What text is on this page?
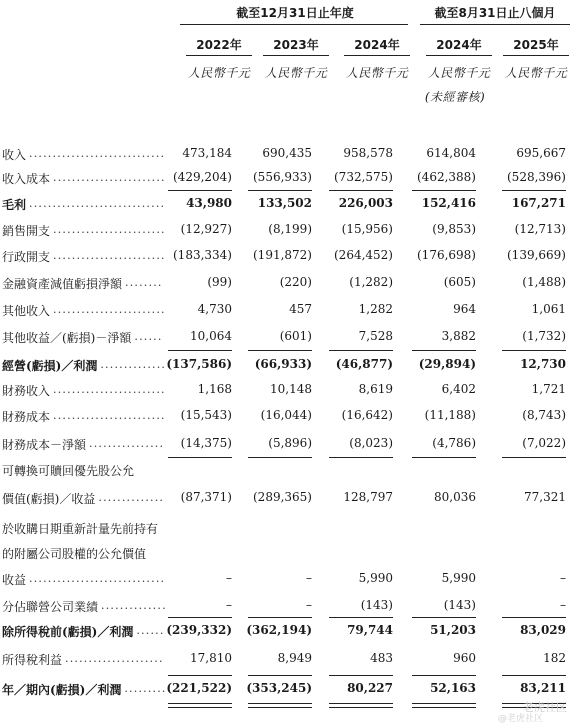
截至12月31日止年度	截至8月31日止八個月
2022年	2023年	2024年	2024年	2025年
人民幣千元	人民幣千元	人民幣千元	人民幣千元	人民幣千元
(未經審核)
收入 .............................	473,184	690,435	958,578	614,804	695,667
收入成本 ........................ (429,204)	(556,933)	(732,575)	(462,388)	(528,396)
毛利 .............................	43,980	133,502	226,003	152,416	167,271
銷售開支 ........................	(12,927)	(8,199)	(15,956)	(9,853)	(12,713)
行政開支 ........................ (183,334)	(191,872)	(264,452)	(176,698)	(139,669)
金融資產減值虧損淨額 ........	(99)	(220)	(1,282)	(605)	(1,488)
其他收入 ........................	4,730	457	1,282	964	1,061
其他收益／(虧損)－淨額 ......	10,064	(601)	7,528	3,882	(1,732)
經營(虧損)／利潤 .............. (137,586)	(66,933)	(46,877)	(29,894)	12,730
財務收入 ........................	1,168	10,148	8,619	6,402	1,721
財務成本 ........................	(15,543)	(16,044)	(16,642)	(11,188)	(8,743)
財務成本－淨額 ................	(14,375)	(5,896)	(8,023)	(4,786)	(7,022)
可轉換可贖回優先股公允
價值(虧損)／收益 ..............	(87,371)	(289,365)	128,797	80,036	77,321
於收購日期重新計量先前持有
的附屬公司股權的公允價值
收益 .............................	–	–	5,990	5,990	–
分佔聯營公司業績 ..............	–	–	(143)	(143)	–
除所得稅前(虧損)／利潤 ...... (239,332)	(362,194)	79,744	51,203	83,029
所得稅利益 .....................	17,810	8,949	483	960	182
年／期內(虧損)／利潤 ......... (221,522)	(353,245)	80,227	52,163	83,211
老虎社区
@老虎社区
